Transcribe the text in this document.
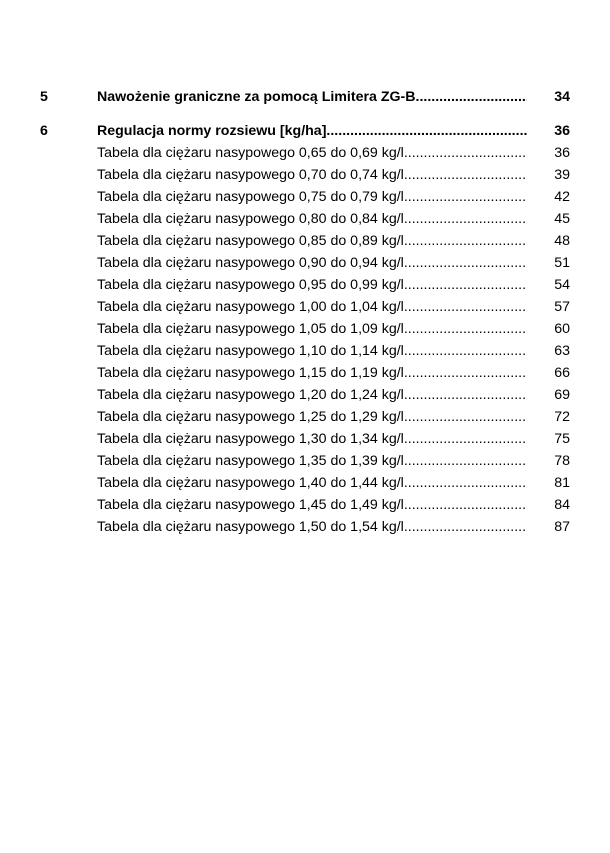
5	Nawożenie graniczne za pomocą Limitera ZG-B .....	34
6	Regulacja normy rozsiewu [kg/ha] .....	36
Tabela dla ciężaru nasypowego 0,65 do 0,69 kg/l .....	36
Tabela dla ciężaru nasypowego 0,70 do 0,74 kg/l .....	39
Tabela dla ciężaru nasypowego 0,75 do 0,79 kg/l .....	42
Tabela dla ciężaru nasypowego 0,80 do 0,84 kg/l .....	45
Tabela dla ciężaru nasypowego 0,85 do 0,89 kg/l .....	48
Tabela dla ciężaru nasypowego 0,90 do 0,94 kg/l .....	51
Tabela dla ciężaru nasypowego 0,95 do 0,99 kg/l .....	54
Tabela dla ciężaru nasypowego 1,00 do 1,04 kg/l .....	57
Tabela dla ciężaru nasypowego 1,05 do 1,09 kg/l .....	60
Tabela dla ciężaru nasypowego 1,10 do 1,14 kg/l .....	63
Tabela dla ciężaru nasypowego 1,15 do 1,19 kg/l .....	66
Tabela dla ciężaru nasypowego 1,20 do 1,24 kg/l .....	69
Tabela dla ciężaru nasypowego 1,25 do 1,29 kg/l .....	72
Tabela dla ciężaru nasypowego 1,30 do 1,34 kg/l .....	75
Tabela dla ciężaru nasypowego 1,35 do 1,39 kg/l .....	78
Tabela dla ciężaru nasypowego 1,40 do 1,44 kg/l .....	81
Tabela dla ciężaru nasypowego 1,45 do 1,49 kg/l .....	84
Tabela dla ciężaru nasypowego 1,50 do 1,54 kg/l .....	87
